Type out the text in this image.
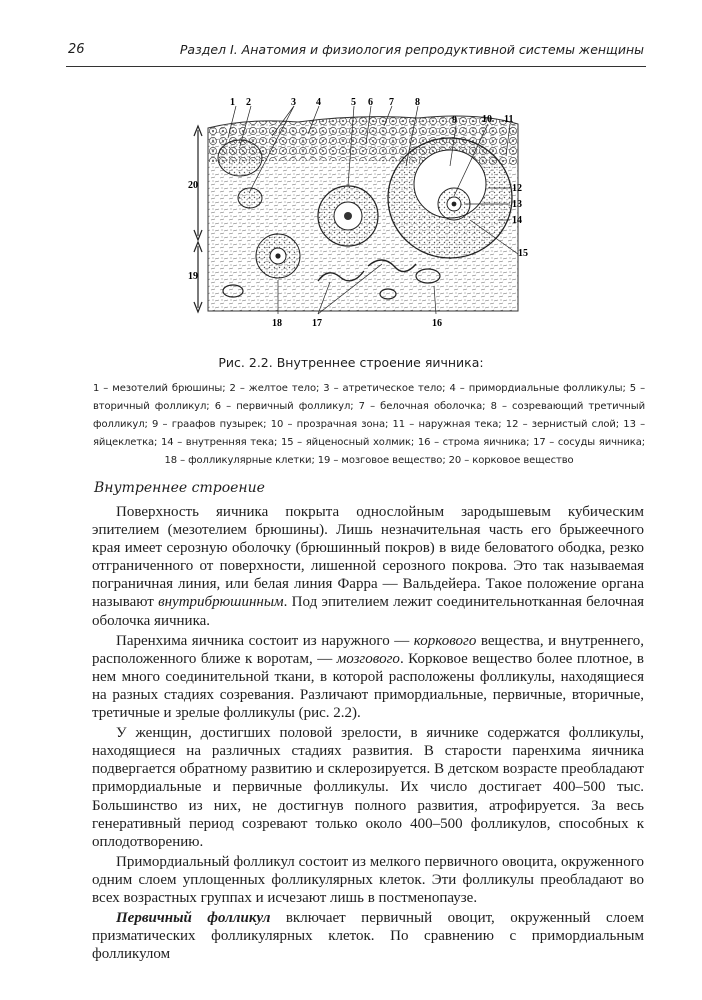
26	Раздел I. Анатомия и физиология репродуктивной системы женщины
1 2	3 4	5 6 7 8
9	10 11
12
13
14
15
16
17
18
19
20
Рис. 2.2. Внутреннее строение яичника:
1 – мезотелий брюшины; 2 – желтое тело; 3 – атретическое тело; 4 – примордиальные фолликулы; 5 – вторичный фолликул; 6 – первичный фолликул; 7 – белочная оболочка; 8 – созревающий третичный фолликул; 9 – граафов пузырек; 10 – прозрачная зона; 11 – наружная тека; 12 – зернистый слой; 13 – яйцеклетка; 14 – внутренняя тека; 15 – яйценосный холмик; 16 – строма яичника; 17 – сосуды яичника; 18 – фолликулярные клетки; 19 – мозговое вещество; 20 – корковое вещество
Внутреннее строение

Поверхность яичника покрыта однослойным зародышевым кубическим эпителием (мезотелием брюшины). Лишь незначительная часть его брыжеечного края имеет серозную оболочку (брюшинный покров) в виде беловатого ободка, резко отграниченного от поверхности, лишенной серозного покрова. Это так называемая пограничная линия, или белая линия Фарра — Вальдейера. Такое положение органа называют внутрибрюшинным. Под эпителием лежит соединительнотканная белочная оболочка яичника.

Паренхима яичника состоит из наружного — коркового вещества, и внутреннего, расположенного ближе к воротам, — мозгового. Корковое вещество более плотное, в нем много соединительной ткани, в которой расположены фолликулы, находящиеся на разных стадиях созревания. Различают примордиальные, первичные, вторичные, третичные и зрелые фолликулы (рис. 2.2).

У женщин, достигших половой зрелости, в яичнике содержатся фолликулы, находящиеся на различных стадиях развития. В старости паренхима яичника подвергается обратному развитию и склерозируется. В детском возрасте преобладают примордиальные и первичные фолликулы. Их число достигает 400–500 тыс. Большинство из них, не достигнув полного развития, атрофируется. За весь генеративный период созревают только около 400–500 фолликулов, способных к оплодотворению.

Примордиальный фолликул состоит из мелкого первичного овоцита, окруженного одним слоем уплощенных фолликулярных клеток. Эти фолликулы преобладают во всех возрастных группах и исчезают лишь в постменопаузе.

Первичный фолликул включает первичный овоцит, окруженный слоем призматических фолликулярных клеток. По сравнению с примордиальным фолликулом
